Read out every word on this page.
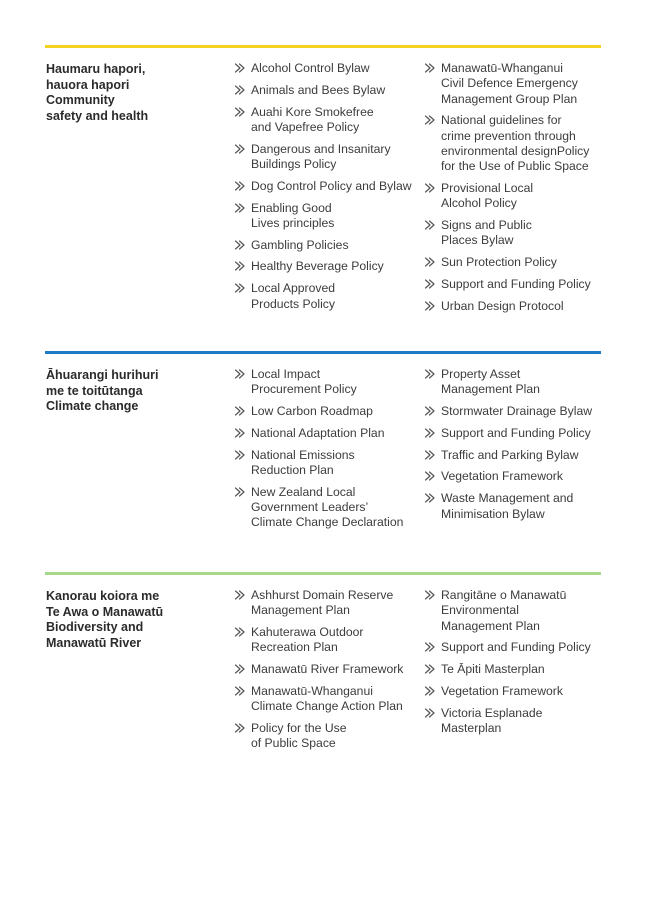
Haumaru hapori,
hauora hapori
Community
safety and health
Alcohol Control Bylaw
Animals and Bees Bylaw
Auahi Kore Smokefree
and Vapefree Policy
Dangerous and Insanitary
Buildings Policy
Dog Control Policy and Bylaw
Enabling Good
Lives principles
Gambling Policies
Healthy Beverage Policy
Local Approved
Products Policy
Manawatū-Whanganui
Civil Defence Emergency
Management Group Plan
National guidelines for
crime prevention through
environmental designPolicy
for the Use of Public Space
Provisional Local
Alcohol Policy
Signs and Public
Places Bylaw
Sun Protection Policy
Support and Funding Policy
Urban Design Protocol
Āhuarangi hurihuri
me te toitūtanga
Climate change
Local Impact
Procurement Policy
Low Carbon Roadmap
National Adaptation Plan
National Emissions
Reduction Plan
New Zealand Local
Government Leaders’
Climate Change Declaration
Property Asset
Management Plan
Stormwater Drainage Bylaw
Support and Funding Policy
Traffic and Parking Bylaw
Vegetation Framework
Waste Management and
Minimisation Bylaw
Kanorau koiora me
Te Awa o Manawatū
Biodiversity and
Manawatū River
Ashhurst Domain Reserve
Management Plan
Kahuterawa Outdoor
Recreation Plan
Manawatū River Framework
Manawatū-Whanganui
Climate Change Action Plan
Policy for the Use
of Public Space
Rangitāne o Manawatū
Environmental
Management Plan
Support and Funding Policy
Te Āpiti Masterplan
Vegetation Framework
Victoria Esplanade
Masterplan
